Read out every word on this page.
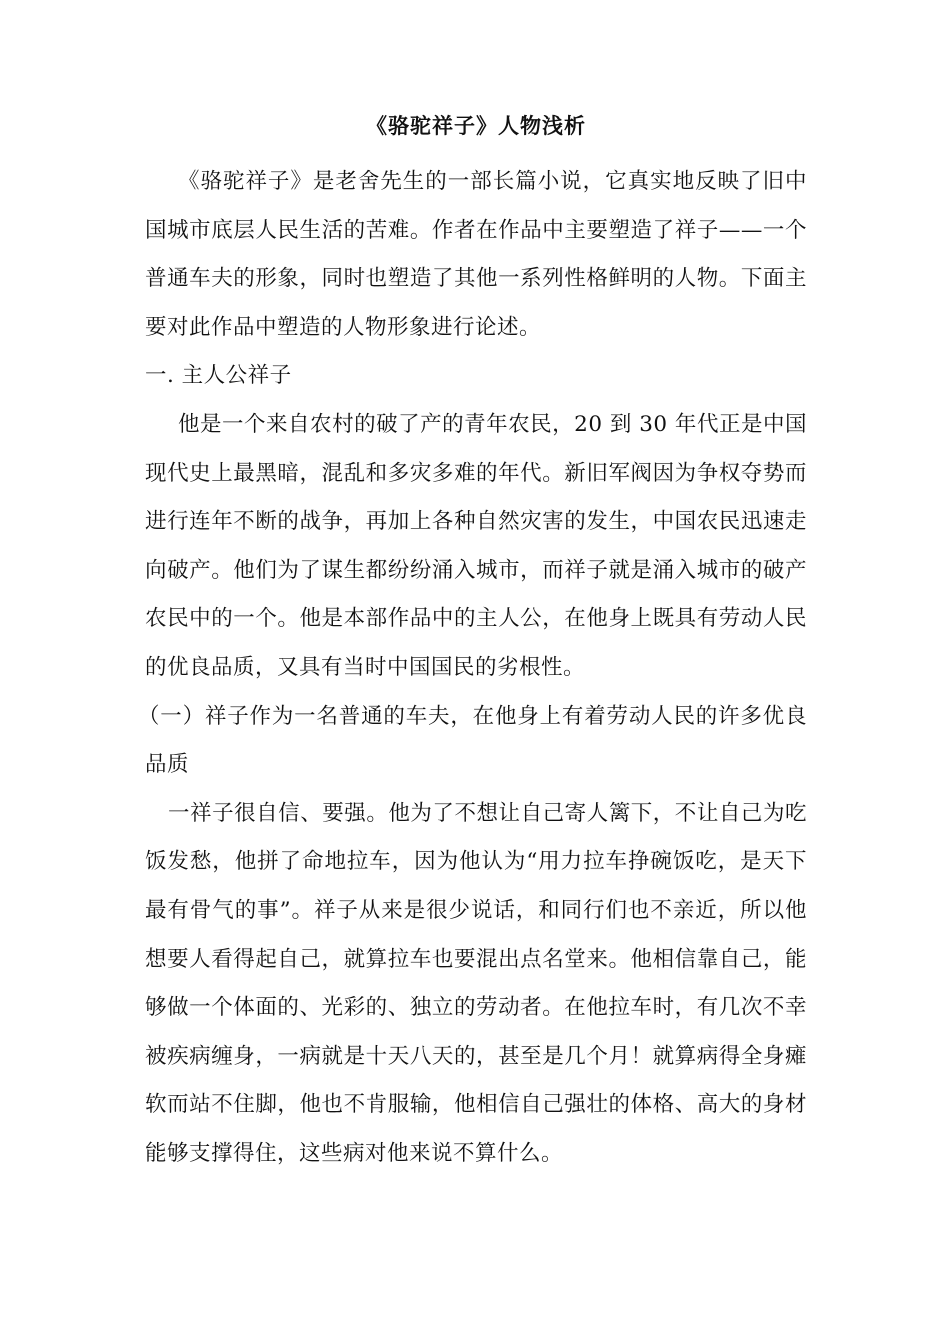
《骆驼祥子》人物浅析

《骆驼祥子》是老舍先生的一部长篇小说，它真实地反映了旧中国城市底层人民生活的苦难。作者在作品中主要塑造了祥子——一个普通车夫的形象，同时也塑造了其他一系列性格鲜明的人物。下面主要对此作品中塑造的人物形象进行论述。

一. 主人公祥子

他是一个来自农村的破了产的青年农民，20 到 30 年代正是中国现代史上最黑暗，混乱和多灾多难的年代。新旧军阀因为争权夺势而进行连年不断的战争，再加上各种自然灾害的发生，中国农民迅速走向破产。他们为了谋生都纷纷涌入城市，而祥子就是涌入城市的破产农民中的一个。他是本部作品中的主人公，在他身上既具有劳动人民的优良品质，又具有当时中国国民的劣根性。

（一）祥子作为一名普通的车夫，在他身上有着劳动人民的许多优良品质

一祥子很自信、要强。他为了不想让自己寄人篱下，不让自己为吃饭发愁，他拼了命地拉车，因为他认为“用力拉车挣碗饭吃，是天下最有骨气的事”。祥子从来是很少说话，和同行们也不亲近，所以他想要人看得起自己，就算拉车也要混出点名堂来。他相信靠自己，能够做一个体面的、光彩的、独立的劳动者。在他拉车时，有几次不幸被疾病缠身，一病就是十天八天的，甚至是几个月！就算病得全身瘫软而站不住脚，他也不肯服输，他相信自己强壮的体格、高大的身材能够支撑得住，这些病对他来说不算什么。
